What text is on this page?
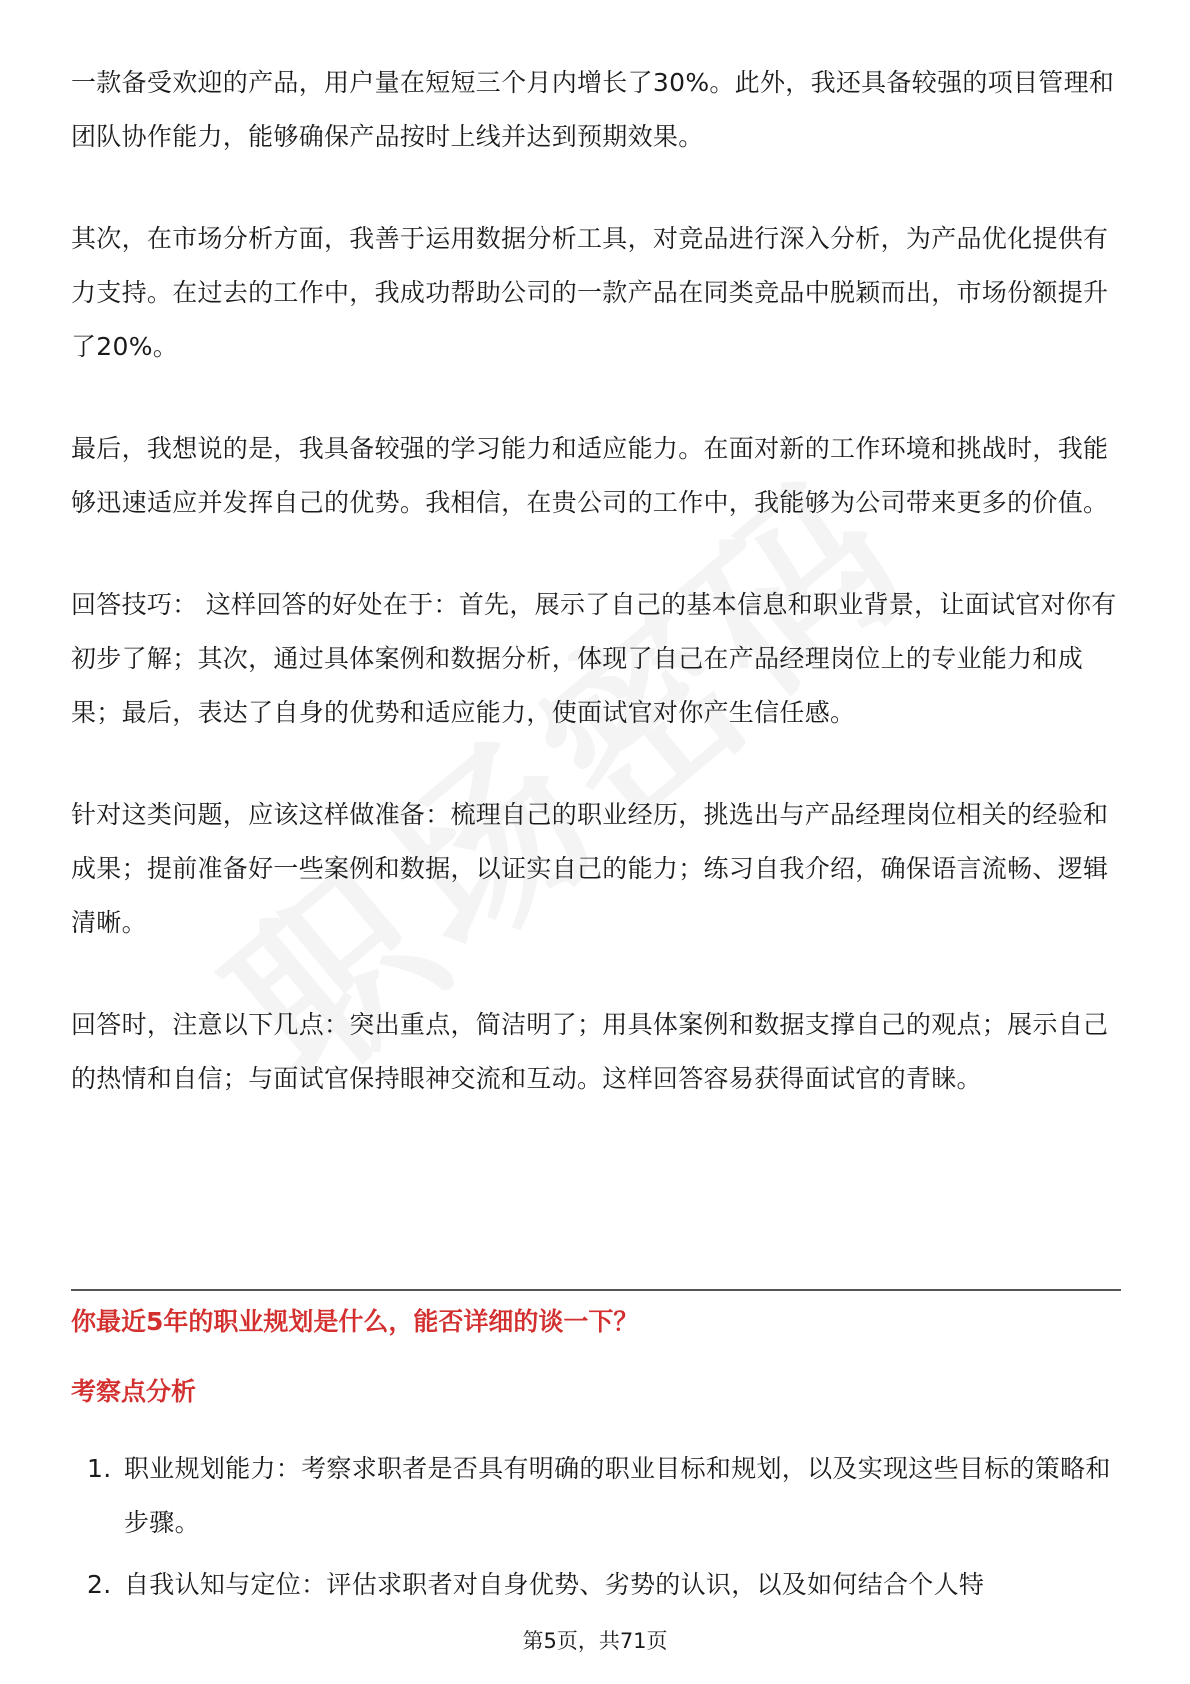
一款备受欢迎的产品，用户量在短短三个月内增长了30%。此外，我还具备较强的项目管理和团队协作能力，能够确保产品按时上线并达到预期效果。

其次，在市场分析方面，我善于运用数据分析工具，对竞品进行深入分析，为产品优化提供有力支持。在过去的工作中，我成功帮助公司的一款产品在同类竞品中脱颖而出，市场份额提升了20%。

最后，我想说的是，我具备较强的学习能力和适应能力。在面对新的工作环境和挑战时，我能够迅速适应并发挥自己的优势。我相信，在贵公司的工作中，我能够为公司带来更多的价值。

回答技巧： 这样回答的好处在于：首先，展示了自己的基本信息和职业背景，让面试官对你有初步了解；其次，通过具体案例和数据分析，体现了自己在产品经理岗位上的专业能力和成果；最后，表达了自身的优势和适应能力，使面试官对你产生信任感。

针对这类问题，应该这样做准备：梳理自己的职业经历，挑选出与产品经理岗位相关的经验和成果；提前准备好一些案例和数据，以证实自己的能力；练习自我介绍，确保语言流畅、逻辑清晰。

回答时，注意以下几点：突出重点，简洁明了；用具体案例和数据支撑自己的观点；展示自己的热情和自信；与面试官保持眼神交流和互动。这样回答容易获得面试官的青睐。

你最近5年的职业规划是什么，能否详细的谈一下？
考察点分析
1. 职业规划能力：考察求职者是否具有明确的职业目标和规划，以及实现这些目标的策略和步骤。
2. 自我认知与定位：评估求职者对自身优势、劣势的认识，以及如何结合个人特
第5页，共71页
